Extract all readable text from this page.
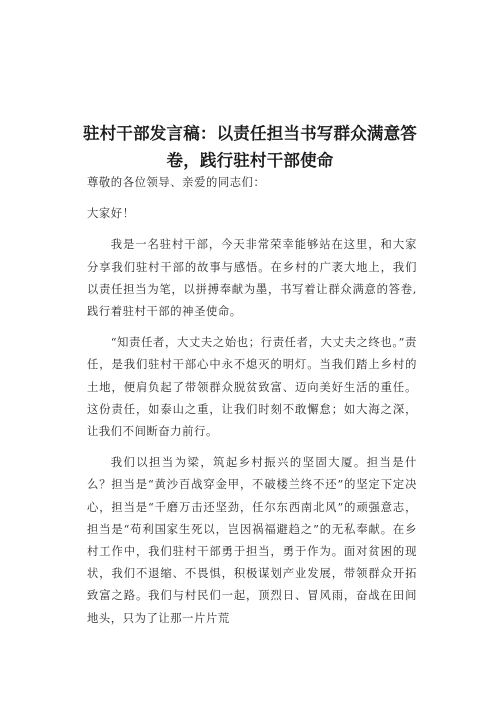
驻村干部发言稿：以责任担当书写群众满意答卷，践行驻村干部使命

尊敬的各位领导、亲爱的同志们：

大家好！

我是一名驻村干部，今天非常荣幸能够站在这里，和大家分享我们驻村干部的故事与感悟。在乡村的广袤大地上，我们以责任担当为笔，以拼搏奉献为墨，书写着让群众满意的答卷,践行着驻村干部的神圣使命。

“知责任者，大丈夫之始也；行责任者，大丈夫之终也。”责任，是我们驻村干部心中永不熄灭的明灯。当我们踏上乡村的土地，便肩负起了带领群众脱贫致富、迈向美好生活的重任。这份责任，如泰山之重，让我们时刻不敢懈怠；如大海之深，让我们不间断奋力前行。

我们以担当为梁，筑起乡村振兴的坚固大厦。担当是什么？担当是“黄沙百战穿金甲，不破楼兰终不还”的坚定下定决心，担当是“千磨万击还坚劲，任尔东西南北风”的顽强意志，担当是“苟利国家生死以，岂因祸福避趋之”的无私奉献。在乡村工作中，我们驻村干部勇于担当，勇于作为。面对贫困的现状，我们不退缩、不畏惧，积极谋划产业发展，带领群众开拓致富之路。我们与村民们一起，顶烈日、冒风雨，奋战在田间地头，只为了让那一片片荒
